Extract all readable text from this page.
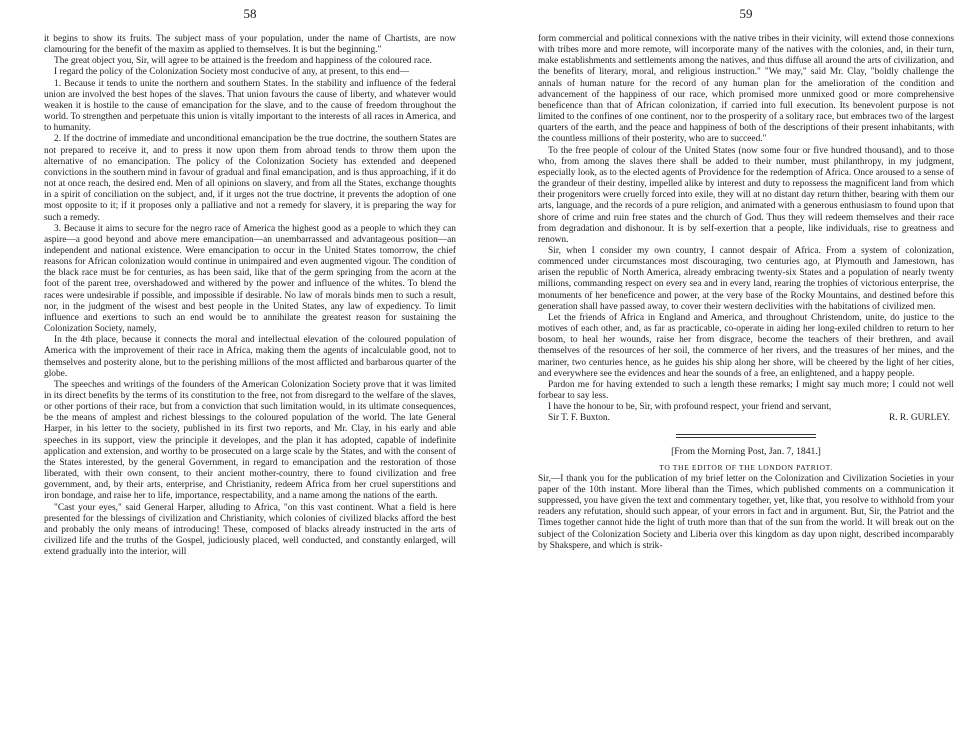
58

it begins to show its fruits. The subject mass of your population, under the name of Chartists, are now clamouring for the benefit of the maxim as applied to themselves. It is but the beginning."

The great object you, Sir, will agree to be attained is the freedom and happiness of the coloured race.

I regard the policy of the Colonization Society most conducive of any, at present, to this end—

1. Because it tends to unite the northern and southern States. In the stability and influence of the federal union are involved the best hopes of the slaves. That union favours the cause of liberty, and whatever would weaken it is hostile to the cause of emancipation for the slave, and to the cause of freedom throughout the world. To strengthen and perpetuate this union is vitally important to the interests of all races in America, and to humanity.

2. If the doctrine of immediate and unconditional emancipation be the true doctrine, the southern States are not prepared to receive it, and to press it now upon them from abroad tends to throw them upon the alternative of no emancipation. The policy of the Colonization Society has extended and deepened convictions in the southern mind in favour of gradual and final emancipation, and is thus approaching, if it do not at once reach, the desired end. Men of all opinions on slavery, and from all the States, exchange thoughts in a spirit of conciliation on the subject, and, if it urges not the true doctrine, it prevents the adoption of one most opposite to it; if it proposes only a palliative and not a remedy for slavery, it is preparing the way for such a remedy.

3. Because it aims to secure for the negro race of America the highest good as a people to which they can aspire—a good beyond and above mere emancipation—an unembarrassed and advantageous position—an independent and national existence. Were emancipation to occur in the United States tomorrow, the chief reasons for African colonization would continue in unimpaired and even augmented vigour. The condition of the black race must be for centuries, as has been said, like that of the germ springing from the acorn at the foot of the parent tree, overshadowed and withered by the power and influence of the whites. To blend the races were undesirable if possible, and impossible if desirable. No law of morals binds men to such a result, nor, in the judgment of the wisest and best people in the United States, any law of expediency. To limit influence and exertions to such an end would be to annihilate the greatest reason for sustaining the Colonization Society, namely,

In the 4th place, because it connects the moral and intellectual elevation of the coloured population of America with the improvement of their race in Africa, making them the agents of incalculable good, not to themselves and posterity alone, but to the perishing millions of the most afflicted and barbarous quarter of the globe.

The speeches and writings of the founders of the American Colonization Society prove that it was limited in its direct benefits by the terms of its constitution to the free, not from disregard to the welfare of the slaves, or other portions of their race, but from a conviction that such limitation would, in its ultimate consequences, be the means of amplest and richest blessings to the coloured population of the world. The late General Harper, in his letter to the society, published in its first two reports, and Mr. Clay, in his early and able speeches in its support, view the principle it developes, and the plan it has adopted, capable of indefinite application and extension, and worthy to be prosecuted on a large scale by the States, and with the consent of the States interested, by the general Government, in regard to emancipation and the restoration of those liberated, with their own consent, to their ancient mother-country, there to found civilization and free government, and, by their arts, enterprise, and Christianity, redeem Africa from her cruel superstitions and iron bondage, and raise her to life, importance, respectability, and a name among the nations of the earth.

"Cast your eyes," said General Harper, alluding to Africa, "on this vast continent. What a field is here presented for the blessings of civilization and Christianity, which colonies of civilized blacks afford the best and probably the only means of introducing! These, composed of blacks already instructed in the arts of civilized life and the truths of the Gospel, judiciously placed, well conducted, and constantly enlarged, will extend gradually into the interior, will

59

form commercial and political connexions with the native tribes in their vicinity, will extend those connexions with tribes more and more remote, will incorporate many of the natives with the colonies, and, in their turn, make establishments and settlements among the natives, and thus diffuse all around the arts of civilization, and the benefits of literary, moral, and religious instruction." "We may," said Mr. Clay, "boldly challenge the annals of human nature for the record of any human plan for the amelioration of the condition and advancement of the happiness of our race, which promised more unmixed good or more comprehensive beneficence than that of African colonization, if carried into full execution. Its benevolent purpose is not limited to the confines of one continent, nor to the prosperity of a solitary race, but embraces two of the largest quarters of the earth, and the peace and happiness of both of the descriptions of their present inhabitants, with the countless millions of their posterity, who are to succeed."

To the free people of colour of the United States (now some four or five hundred thousand), and to those who, from among the slaves there shall be added to their number, must philanthropy, in my judgment, especially look, as to the elected agents of Providence for the redemption of Africa. Once aroused to a sense of the grandeur of their destiny, impelled alike by interest and duty to repossess the magnificent land from which their progenitors were cruelly forced into exile, they will at no distant day return thither, bearing with them our arts, language, and the records of a pure religion, and animated with a generous enthusiasm to found upon that shore of crime and ruin free states and the church of God. Thus they will redeem themselves and their race from degradation and dishonour. It is by self-exertion that a people, like individuals, rise to greatness and renown.

Sir, when I consider my own country, I cannot despair of Africa. From a system of colonization, commenced under circumstances most discouraging, two centuries ago, at Plymouth and Jamestown, has arisen the republic of North America, already embracing twenty-six States and a population of nearly twenty millions, commanding respect on every sea and in every land, rearing the trophies of victorious enterprise, the monuments of her beneficence and power, at the very base of the Rocky Mountains, and destined before this generation shall have passed away, to cover their western declivities with the habitations of civilized men.

Let the friends of Africa in England and America, and throughout Christendom, unite, do justice to the motives of each other, and, as far as practicable, co-operate in aiding her long-exiled children to return to her bosom, to heal her wounds, raise her from disgrace, become the teachers of their brethren, and avail themselves of the resources of her soil, the commerce of her rivers, and the treasures of her mines, and the mariner, two centuries hence, as he guides his ship along her shore, will be cheered by the light of her cities, and everywhere see the evidences and hear the sounds of a free, an enlightened, and a happy people.

Pardon me for having extended to such a length these remarks; I might say much more; I could not well forbear to say less.

I have the honour to be, Sir, with profound respect, your friend and servant,

Sir T. F. Buxton.	R. R. GURLEY.
[From the Morning Post, Jan. 7, 1841.]
TO THE EDITOR OF THE LONDON PATRIOT.

Sir,—I thank you for the publication of my brief letter on the Colonization and Civilization Societies in your paper of the 10th instant. More liberal than the Times, which published comments on a communication it suppressed, you have given the text and commentary together, yet, like that, you resolve to withhold from your readers any refutation, should such appear, of your errors in fact and in argument. But, Sir, the Patriot and the Times together cannot hide the light of truth more than that of the sun from the world. It will break out on the subject of the Colonization Society and Liberia over this kingdom as day upon night, described incomparably by Shakspere, and which is strik-
